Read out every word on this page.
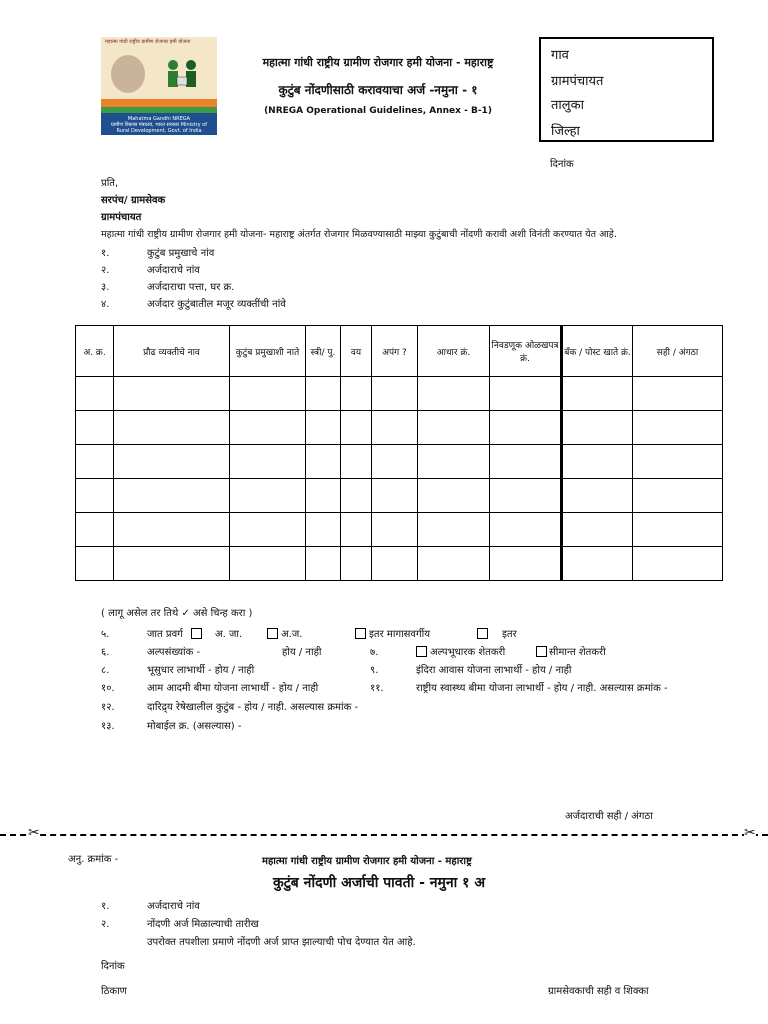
महात्मा गांधी राष्ट्रीय ग्रामीण रोजगार हमी योजना
Mahatma Gandhi NREGA
ग्रामीण विकास मंत्रालय, भारत सरकार Ministry of Rural Development, Govt. of India
महात्मा गांधी राष्ट्रीय ग्रामीण रोजगार हमी योजना - महाराष्ट्र
कुटुंब नोंदणीसाठी करावयाचा अर्ज -नमुना - १
(NREGA Operational Guidelines, Annex - B-1)
गाव
ग्रामपंचायत
तालुका
जिल्हा
दिनांक
प्रति,
सरपंच/ ग्रामसेवक
ग्रामपंचायत
महात्मा गांधी राष्ट्रीय ग्रामीण रोजगार हमी योजना- महाराष्ट्र अंतर्गत रोजगार मिळवण्यासाठी माझ्या कुटुंबाची नोंदणी करावी अशी विनंती करण्यात येत आहे.
१.	कुटुंब प्रमुखाचे नांव
२.	अर्जदाराचे नांव
३.	अर्जदाराचा पत्ता, घर क्र.
४.	अर्जदार कुटुंबातील मजूर व्यक्तींची नांवे
अ. क्र.	प्रौढ व्यक्तीचे नाव	कुटुंब प्रमुखाशी नाते	स्त्री/ पु.	वय	अपंग ?	आधार क्रं.	निवडणूक ओळखपत्र क्रं.	बँक / पोस्ट खाते क्रं.	सही / अंगठा

( लागू असेल तर तिथे ✓ असे चिन्ह करा )
५.	जात प्रवर्ग	अ. जा.	अ.ज.	इतर मागासवर्गीय	इतर
६.	अल्पसंख्यांक -	होय / नाही	७.	अल्पभूधारक शेतकरी	सीमान्त शेतकरी
८.	भूसुधार लाभार्थी - होय / नाही	९.	इंदिरा आवास योजना लाभार्थी - होय / नाही
१०.	आम आदमी बीमा योजना लाभार्थी - होय / नाही	११.	राष्ट्रीय स्वास्थ्य बीमा योजना लाभार्थी - होय / नाही. असल्यास क्रमांक -
१२.	दारिद्र्य रेषेखालील कुटुंब - होय / नाही. असल्यास क्रमांक -
१३.	मोबाईल क्र. (असल्यास) -
अर्जदाराची सही / अंगठा
✂	✂
अनु. क्रमांक -	महात्मा गांधी राष्ट्रीय ग्रामीण रोजगार हमी योजना - महाराष्ट्र
कुटुंब नोंदणी अर्जाची पावती - नमुना १ अ
१.	अर्जदाराचे नांव
२.	नोंदणी अर्ज मिळाल्याची तारीख
उपरोक्त तपशीला प्रमाणे नोंदणी अर्ज प्राप्त झाल्याची पोच देण्यात येत आहे.
दिनांक
ठिकाण	ग्रामसेवकाची सही व शिक्का
